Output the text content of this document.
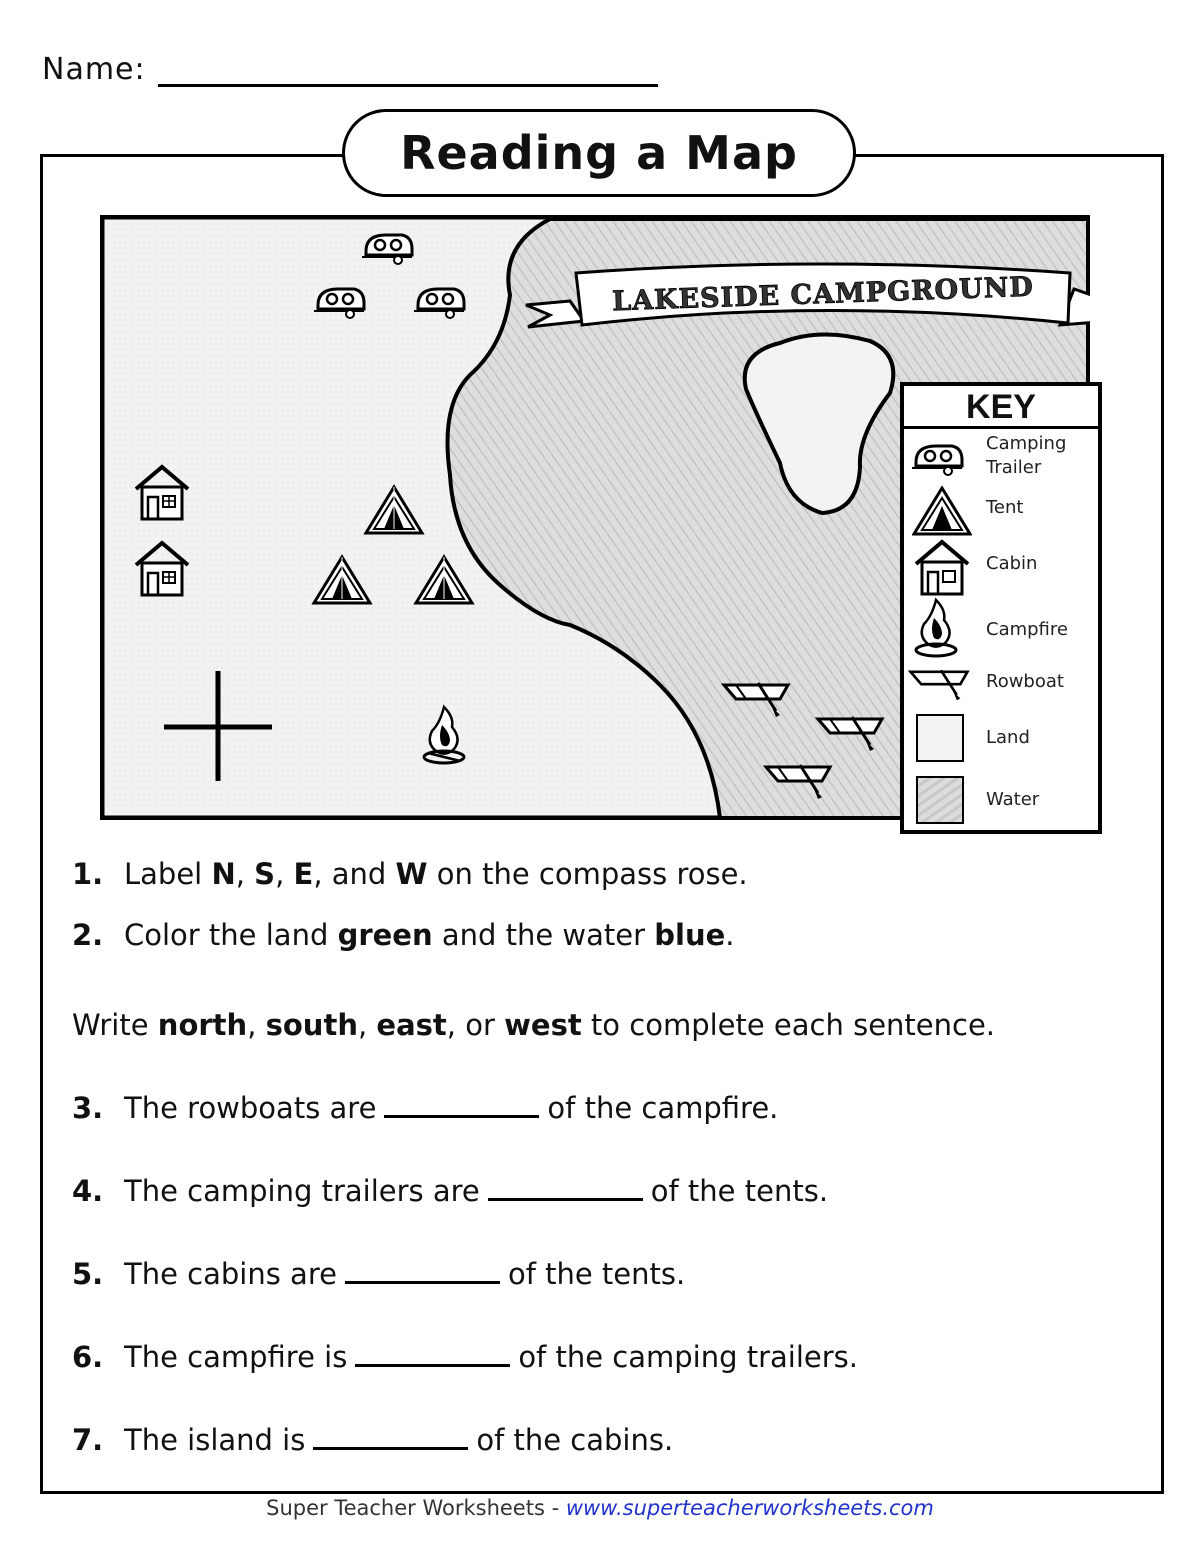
Name:
Reading a Map
LAKESIDE CAMPGROUND
KEY
Camping Trailer
Tent
Cabin
Campfire
Rowboat
Land
Water
1. Label N, S, E, and W on the compass rose.
2. Color the land green and the water blue.
Write north, south, east, or west to complete each sentence.
3. The rowboats are	of the campfire.
4. The camping trailers are	of the tents.
5. The cabins are	of the tents.
6. The campfire is	of the camping trailers.
7. The island is	of the cabins.
Super Teacher Worksheets - www.superteacherworksheets.com
